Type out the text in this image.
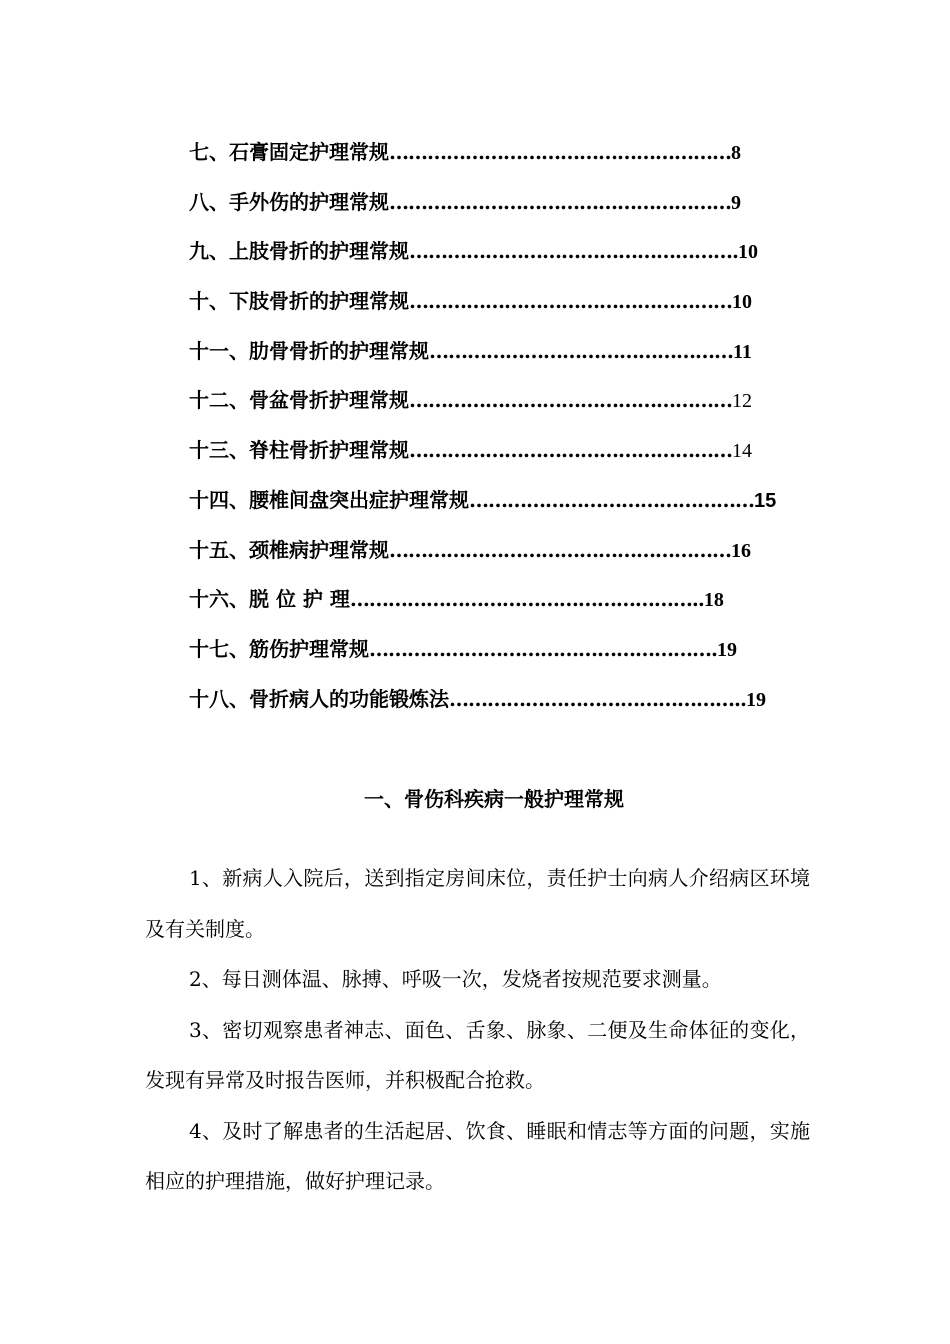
七、石膏固定护理常规 ……………………………………………… 8
八、手外伤的护理常规 ……………………………………………… 9
九、上肢骨折的护理常规 ……………………………………………. 10
十、下肢骨折的护理常规 …………………………………………… 10
十一、肋骨骨折的护理常规 ………………………………………… 11
十二、骨盆骨折护理常规 …………………………………………… 12
十三、脊柱骨折护理常规 …………………………………………… 14
十四、腰椎间盘突出症护理常规 ……………………………………… 15
十五、颈椎病护理常规 ……………………………………………… 16
十六、脱 位 护 理 ……………………………………………….. 18
十七、筋伤护理常规 ………………………………………………. 19
十八、骨折病人的功能锻炼法 ……………………………………….. 19
一、骨伤科疾病一般护理常规

1、新病人入院后，送到指定房间床位，责任护士向病人介绍病区环境及有关制度。

2、每日测体温、脉搏、呼吸一次，发烧者按规范要求测量。

3、密切观察患者神志、面色、舌象、脉象、二便及生命体征的变化，发现有异常及时报告医师，并积极配合抢救。

4、及时了解患者的生活起居、饮食、睡眠和情志等方面的问题，实施相应的护理措施，做好护理记录。
